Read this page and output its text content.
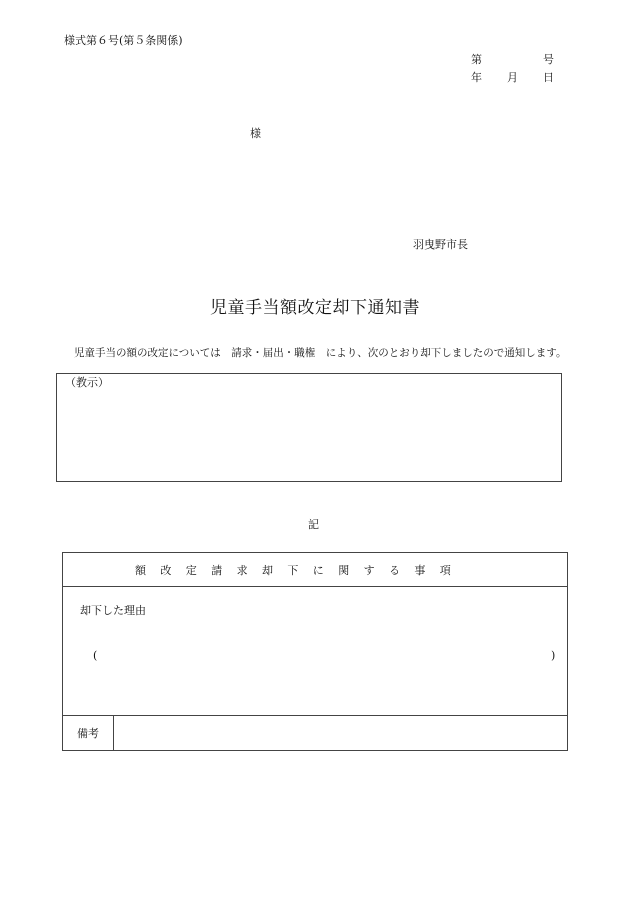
様式第６号(第５条関係)
第	号
年 月 日
様
羽曳野市長
児童手当額改定却下通知書
児童手当の額の改定については　請求・届出・職権　により、次のとおり却下しましたので通知します。
（教示）
記
額改定請求却下に関する事項
却下した理由
(	)
備考
